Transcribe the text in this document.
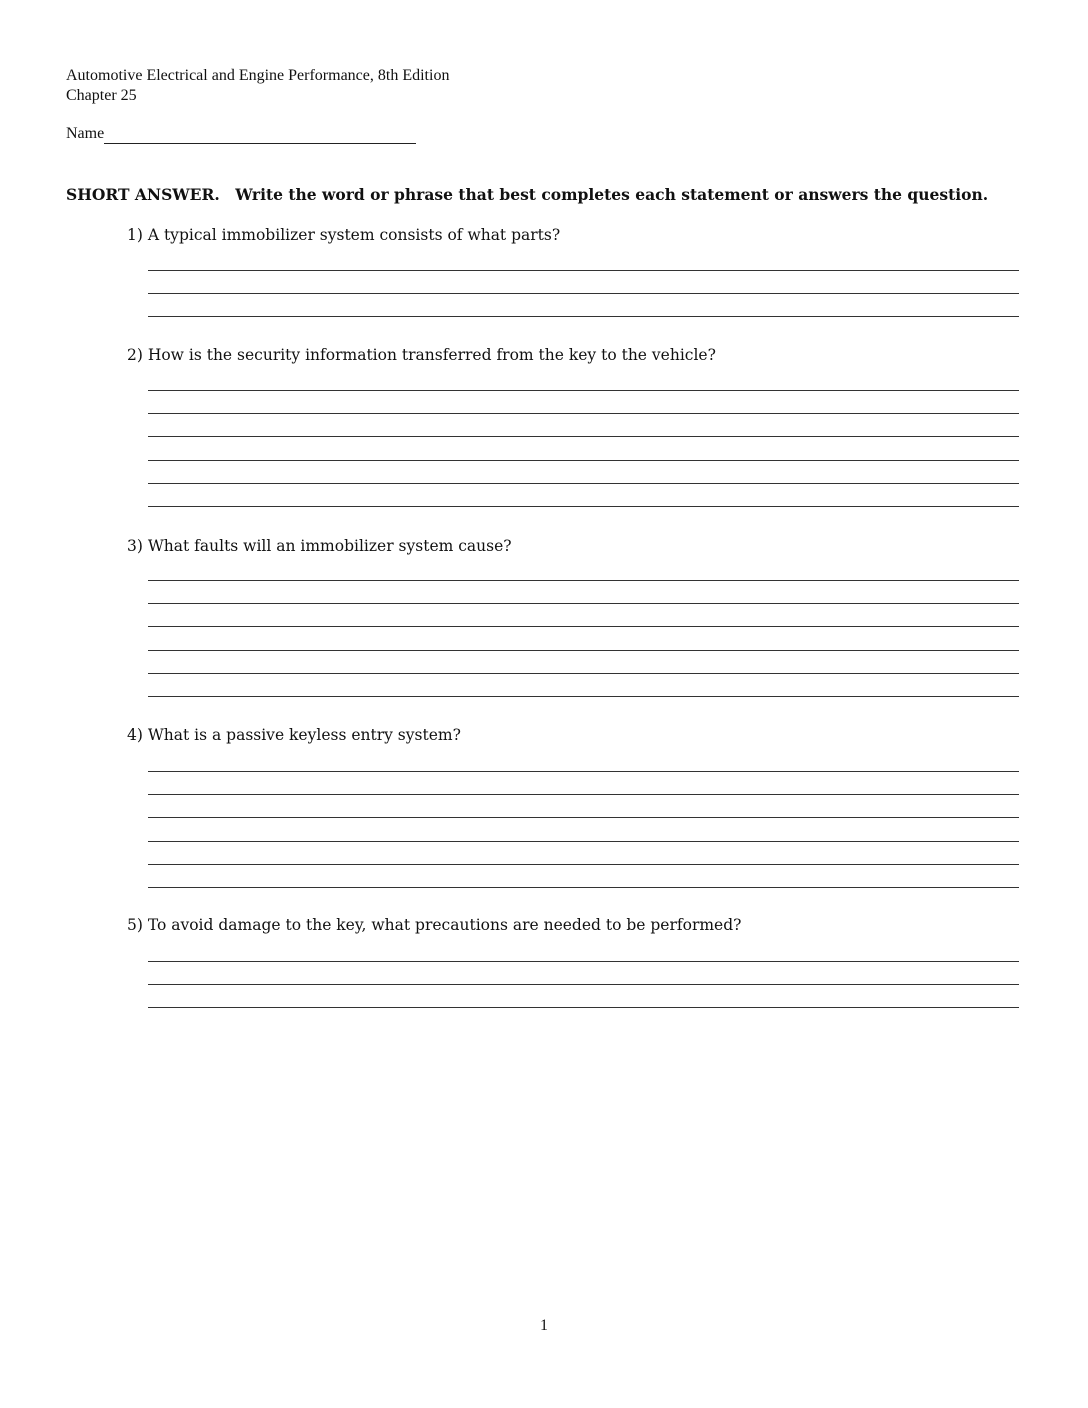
Automotive Electrical and Engine Performance, 8th Edition
Chapter 25
Name
SHORT ANSWER. Write the word or phrase that best completes each statement or answers the question.
1) A typical immobilizer system consists of what parts?
2) How is the security information transferred from the key to the vehicle?
3) What faults will an immobilizer system cause?
4) What is a passive keyless entry system?
5) To avoid damage to the key, what precautions are needed to be performed?
1
